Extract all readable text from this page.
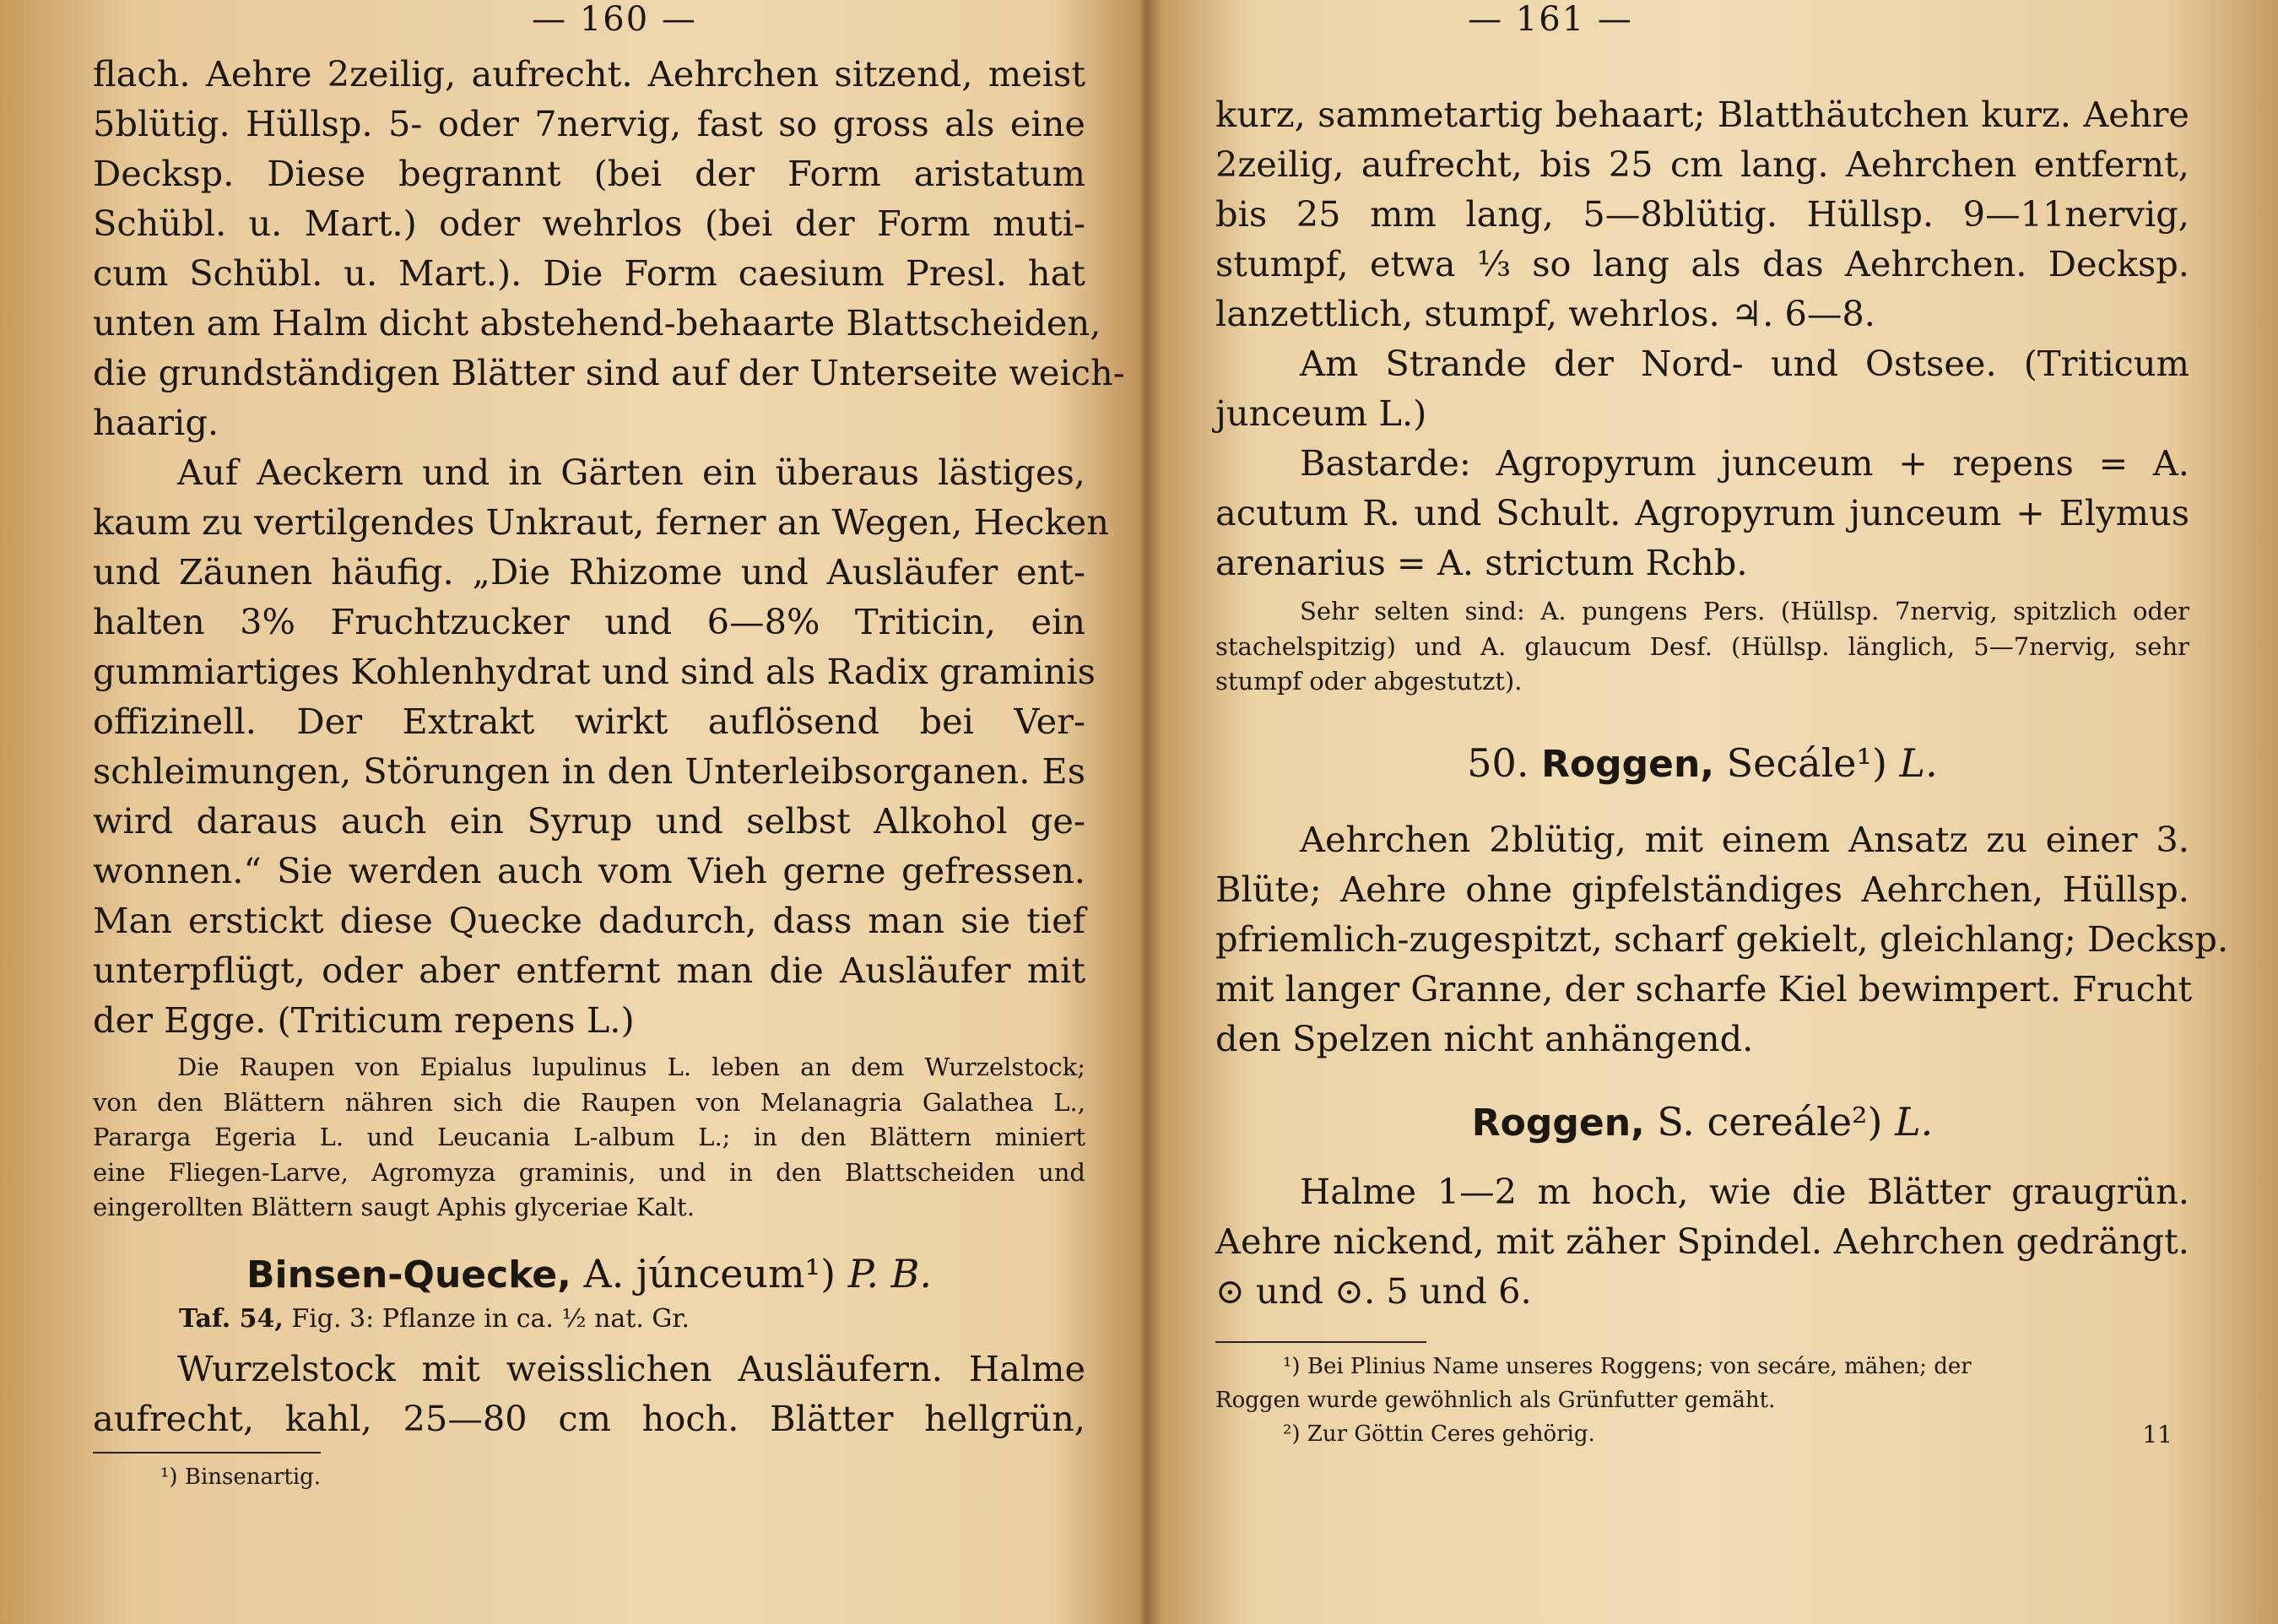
— 160 —
flach. Aehre 2zeilig, aufrecht. Aehrchen sitzend, meist
5blütig. Hüllsp. 5- oder 7nervig, fast so gross als eine
Decksp. Diese begrannt (bei der Form aristatum
Schübl. u. Mart.) oder wehrlos (bei der Form muti-
cum Schübl. u. Mart.). Die Form caesium Presl. hat
unten am Halm dicht abstehend-behaarte Blattscheiden,
die grundständigen Blätter sind auf der Unterseite weich-
haarig.
Auf Aeckern und in Gärten ein überaus lästiges,
kaum zu vertilgendes Unkraut, ferner an Wegen, Hecken
und Zäunen häufig. „Die Rhizome und Ausläufer ent-
halten 3% Fruchtzucker und 6—8% Triticin, ein
gummiartiges Kohlenhydrat und sind als Radix graminis
offizinell. Der Extrakt wirkt auflösend bei Ver-
schleimungen, Störungen in den Unterleibsorganen. Es
wird daraus auch ein Syrup und selbst Alkohol ge-
wonnen.“ Sie werden auch vom Vieh gerne gefressen.
Man erstickt diese Quecke dadurch, dass man sie tief
unterpflügt, oder aber entfernt man die Ausläufer mit
der Egge. (Triticum repens L.)
Die Raupen von Epialus lupulinus L. leben an dem Wurzelstock;
von den Blättern nähren sich die Raupen von Melanagria Galathea L.,
Pararga Egeria L. und Leucania L-album L.; in den Blättern miniert
eine Fliegen-Larve, Agromyza graminis, und in den Blattscheiden und
eingerollten Blättern saugt Aphis glyceriae Kalt.
Binsen-Quecke, A. júnceum¹) P. B.
Taf. 54, Fig. 3: Pflanze in ca. ½ nat. Gr.
Wurzelstock mit weisslichen Ausläufern. Halme
aufrecht, kahl, 25—80 cm hoch. Blätter hellgrün,
¹) Binsenartig.
— 161 —
kurz, sammetartig behaart; Blatthäutchen kurz. Aehre
2zeilig, aufrecht, bis 25 cm lang. Aehrchen entfernt,
bis 25 mm lang, 5—8blütig. Hüllsp. 9—11nervig,
stumpf, etwa ⅓ so lang als das Aehrchen. Decksp.
lanzettlich, stumpf, wehrlos. ♃. 6—8.
Am Strande der Nord- und Ostsee. (Triticum
junceum L.)
Bastarde: Agropyrum junceum + repens = A.
acutum R. und Schult. Agropyrum junceum + Elymus
arenarius = A. strictum Rchb.
Sehr selten sind: A. pungens Pers. (Hüllsp. 7nervig, spitzlich oder
stachelspitzig) und A. glaucum Desf. (Hüllsp. länglich, 5—7nervig, sehr
stumpf oder abgestutzt).
50. Roggen, Secále¹) L.
Aehrchen 2blütig, mit einem Ansatz zu einer 3.
Blüte; Aehre ohne gipfelständiges Aehrchen, Hüllsp.
pfriemlich-zugespitzt, scharf gekielt, gleichlang; Decksp.
mit langer Granne, der scharfe Kiel bewimpert. Frucht
den Spelzen nicht anhängend.
Roggen, S. cereále²) L.
Halme 1—2 m hoch, wie die Blätter graugrün.
Aehre nickend, mit zäher Spindel. Aehrchen gedrängt.
⊙ und ⊙. 5 und 6.
¹) Bei Plinius Name unseres Roggens; von secáre, mähen; der
Roggen wurde gewöhnlich als Grünfutter gemäht.
²) Zur Göttin Ceres gehörig.	11
